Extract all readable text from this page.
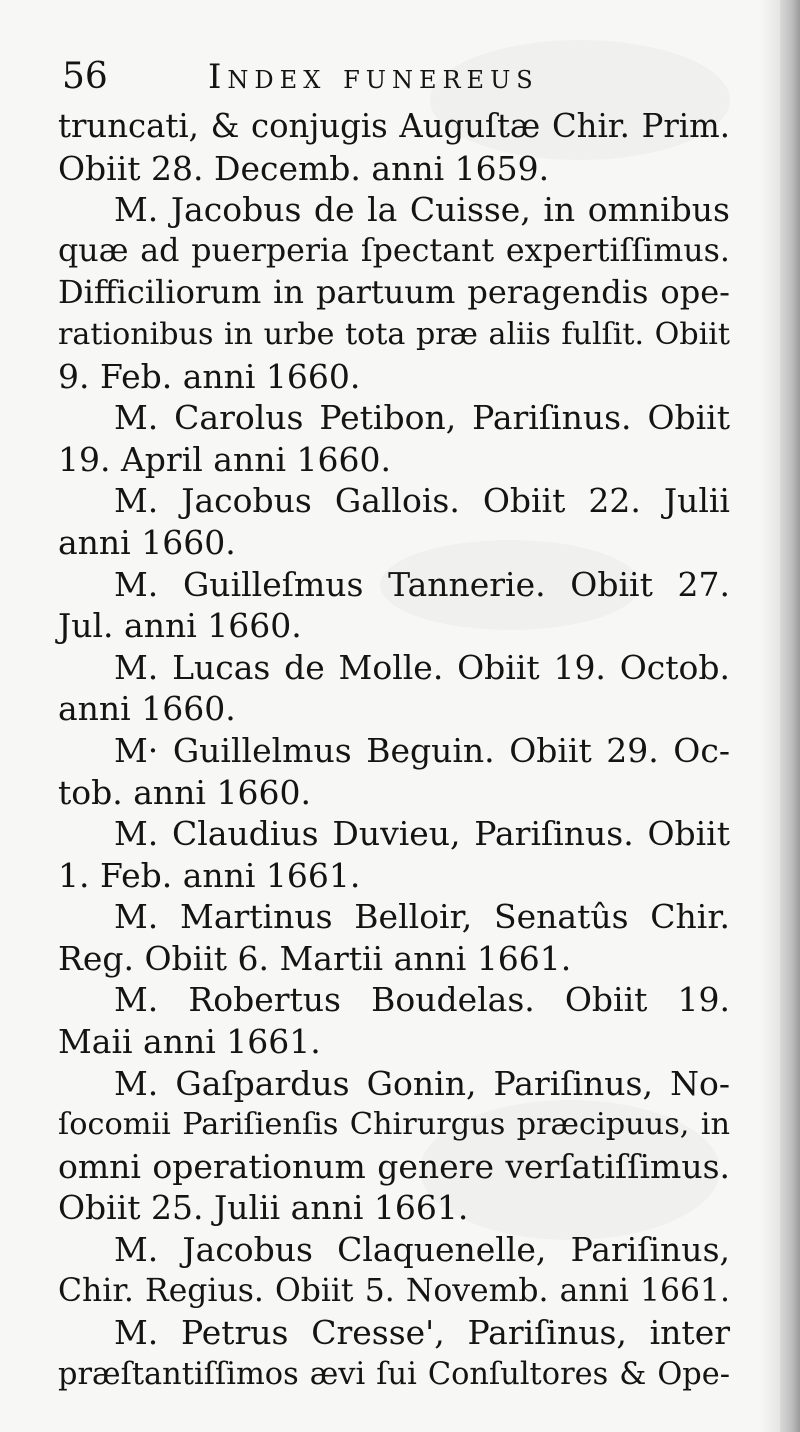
56	Index funereus
truncati, & conjugis Auguſtæ Chir. Prim.
Obiit 28. Decemb. anni 1659.
M. Jacobus de la Cuisse, in omnibus
quæ ad puerperia ſpectant expertiſſimus.
Difficiliorum in partuum peragendis ope-
rationibus in urbe tota præ aliis fulſit. Obiit
9. Feb. anni 1660.
M. Carolus Petibon, Pariſinus. Obiit
19. April anni 1660.
M. Jacobus Gallois. Obiit 22. Julii
anni 1660.
M. Guilleſmus Tannerie. Obiit 27.
Jul. anni 1660.
M. Lucas de Molle. Obiit 19. Octob.
anni 1660.
M· Guillelmus Beguin. Obiit 29. Oc-
tob. anni 1660.
M. Claudius Duvieu, Pariſinus. Obiit
1. Feb. anni 1661.
M. Martinus Belloir, Senatûs Chir.
Reg. Obiit 6. Martii anni 1661.
M. Robertus Boudelas. Obiit 19.
Maii anni 1661.
M. Gaſpardus Gonin, Pariſinus, No-
ſocomii Pariſienſis Chirurgus præcipuus, in
omni operationum genere verſatiſſimus.
Obiit 25. Julii anni 1661.
M. Jacobus Claquenelle, Pariſinus,
Chir. Regius. Obiit 5. Novemb. anni 1661.
M. Petrus Cresse', Pariſinus, inter
præſtantiſſimos ævi ſui Conſultores & Ope-
